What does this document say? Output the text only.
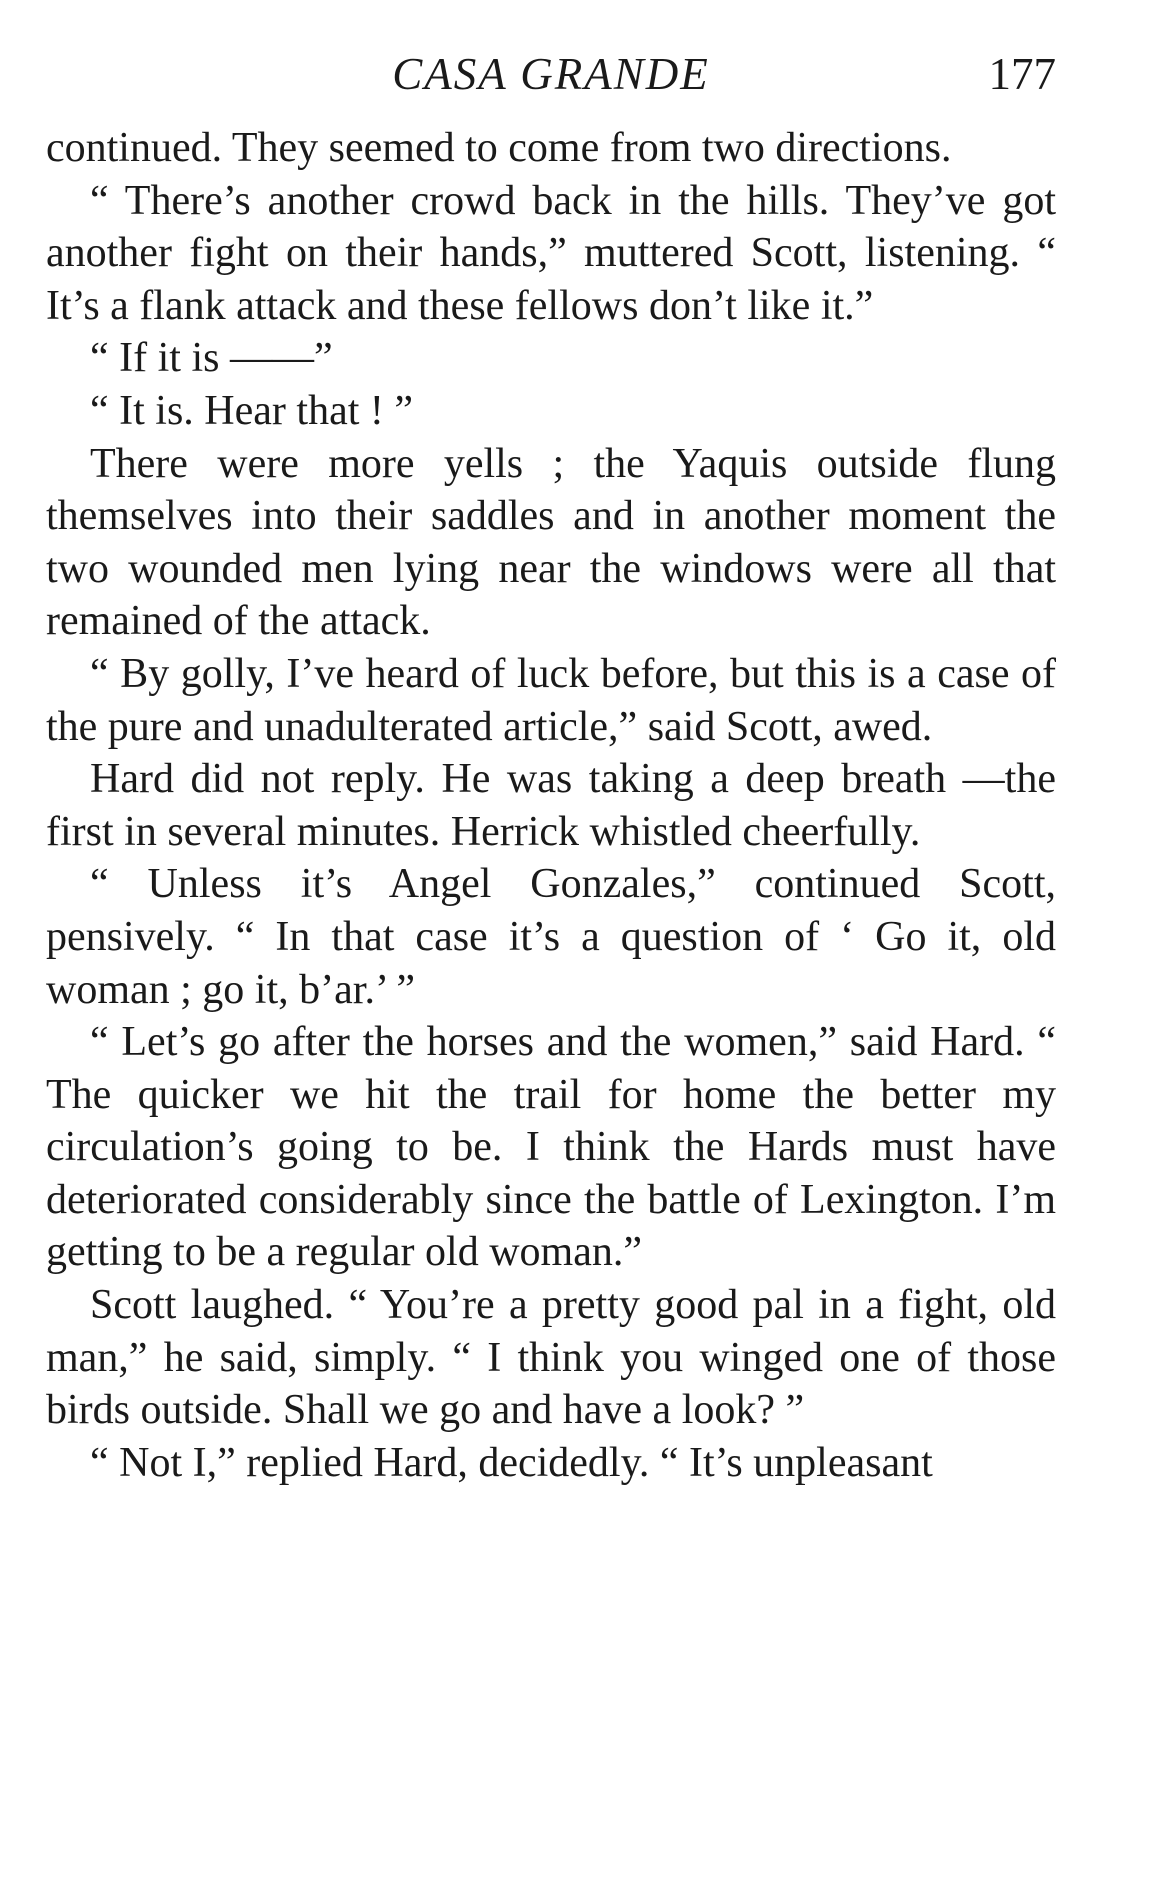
CASA GRANDE	177

continued. They seemed to come from two directions.

“ There’s another crowd back in the hills. They’ve got another fight on their hands,” muttered Scott, listening. “ It’s a flank attack and these fellows don’t like it.”

“ If it is ——”

“ It is. Hear that ! ”

There were more yells ; the Yaquis outside flung themselves into their saddles and in another moment the two wounded men lying near the windows were all that remained of the attack.

“ By golly, I’ve heard of luck before, but this is a case of the pure and unadulterated article,” said Scott, awed.

Hard did not reply. He was taking a deep breath —the first in several minutes. Herrick whistled cheerfully.

“ Unless it’s Angel Gonzales,” continued Scott, pensively. “ In that case it’s a question of ‘ Go it, old woman ; go it, b’ar.’ ”

“ Let’s go after the horses and the women,” said Hard. “ The quicker we hit the trail for home the better my circulation’s going to be. I think the Hards must have deteriorated considerably since the battle of Lexington. I’m getting to be a regular old woman.”

Scott laughed. “ You’re a pretty good pal in a fight, old man,” he said, simply. “ I think you winged one of those birds outside. Shall we go and have a look? ”

“ Not I,” replied Hard, decidedly. “ It’s unpleasant
